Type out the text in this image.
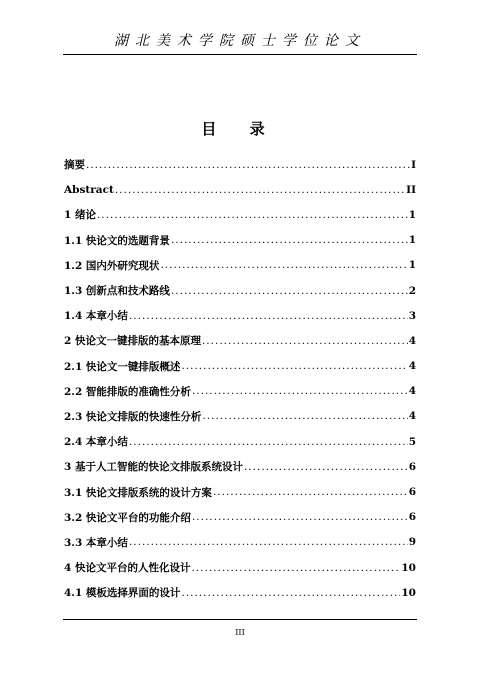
湖北美术学院硕士学位论文
目 录
摘要 .....	I
Abstract .....	II
1 绪论 .....	1
1.1 快论文的选题背景 .....	1
1.2 国内外研究现状 .....	1
1.3 创新点和技术路线 .....	2
1.4 本章小结 .....	3
2 快论文一键排版的基本原理 .....	4
2.1 快论文一键排版概述 .....	4
2.2 智能排版的准确性分析 .....	4
2.3 快论文排版的快速性分析 .....	4
2.4 本章小结 .....	5
3 基于人工智能的快论文排版系统设计 .....	6
3.1 快论文排版系统的设计方案 .....	6
3.2 快论文平台的功能介绍 .....	6
3.3 本章小结 .....	9
4 快论文平台的人性化设计 .....	10
4.1 模板选择界面的设计 .....	10
III
